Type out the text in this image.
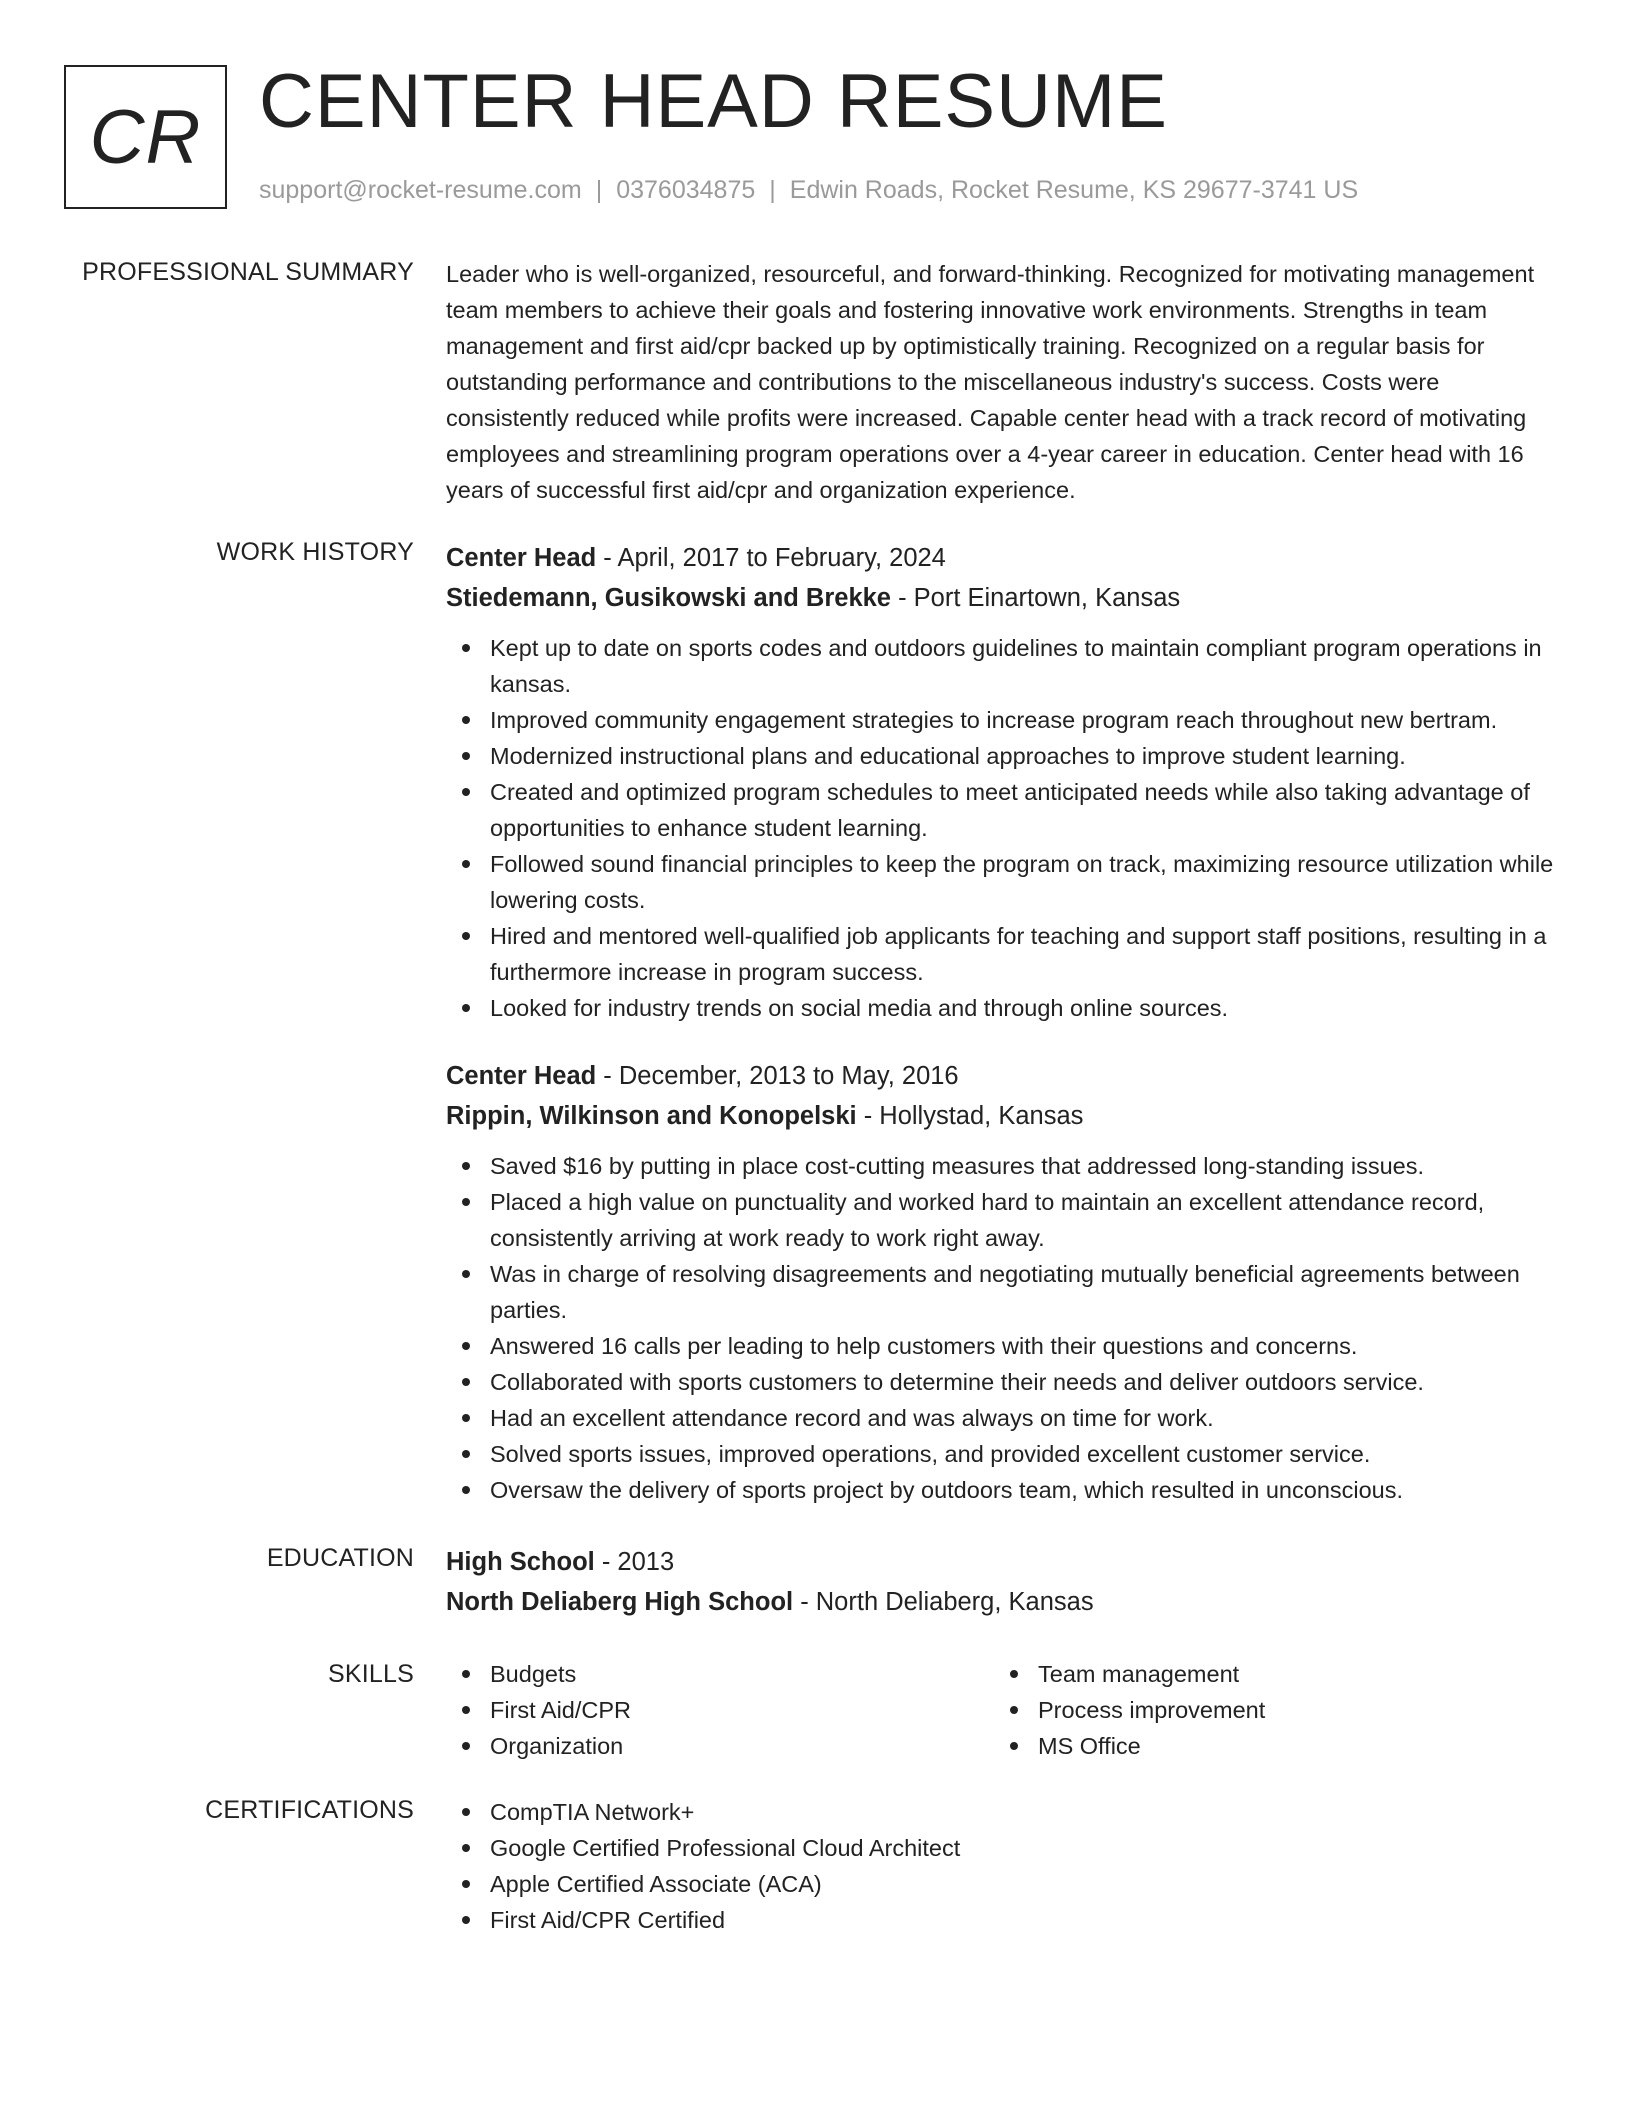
CR CENTER HEAD RESUME
support@rocket-resume.com | 0376034875 | Edwin Roads, Rocket Resume, KS 29677-3741 US
PROFESSIONAL SUMMARY Leader who is well-organized, resourceful, and forward-thinking. Recognized for motivating management team members to achieve their goals and fostering innovative work environments. Strengths in team management and first aid/cpr backed up by optimistically training. Recognized on a regular basis for outstanding performance and contributions to the miscellaneous industry's success. Costs were consistently reduced while profits were increased. Capable center head with a track record of motivating employees and streamlining program operations over a 4-year career in education. Center head with 16 years of successful first aid/cpr and organization experience.
WORK HISTORY Center Head - April, 2017 to February, 2024
Stiedemann, Gusikowski and Brekke - Port Einartown, Kansas
Kept up to date on sports codes and outdoors guidelines to maintain compliant program operations in kansas.
Improved community engagement strategies to increase program reach throughout new bertram.
Modernized instructional plans and educational approaches to improve student learning.
Created and optimized program schedules to meet anticipated needs while also taking advantage of opportunities to enhance student learning.
Followed sound financial principles to keep the program on track, maximizing resource utilization while lowering costs.
Hired and mentored well-qualified job applicants for teaching and support staff positions, resulting in a furthermore increase in program success.
Looked for industry trends on social media and through online sources.
Center Head - December, 2013 to May, 2016
Rippin, Wilkinson and Konopelski - Hollystad, Kansas
Saved $16 by putting in place cost-cutting measures that addressed long-standing issues.
Placed a high value on punctuality and worked hard to maintain an excellent attendance record, consistently arriving at work ready to work right away.
Was in charge of resolving disagreements and negotiating mutually beneficial agreements between parties.
Answered 16 calls per leading to help customers with their questions and concerns.
Collaborated with sports customers to determine their needs and deliver outdoors service.
Had an excellent attendance record and was always on time for work.
Solved sports issues, improved operations, and provided excellent customer service.
Oversaw the delivery of sports project by outdoors team, which resulted in unconscious.
EDUCATION High School - 2013
North Deliaberg High School - North Deliaberg, Kansas
SKILLS	Budgets
First Aid/CPR
Organization
Team management
Process improvement
MS Office
CERTIFICATIONS	CompTIA Network+
Google Certified Professional Cloud Architect
Apple Certified Associate (ACA)
First Aid/CPR Certified
